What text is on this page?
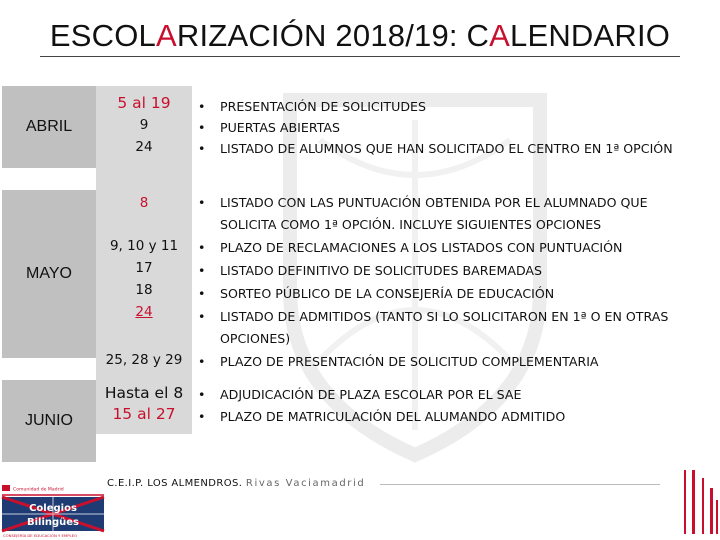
ESCOLARIZACIÓN 2018/19: CALENDARIO
ABRIL
MAYO
JUNIO
5 al 19
9
24
8
9, 10 y 11
17
18
24
25, 28 y 29
Hasta el 8
15 al 27
• PRESENTACIÓN DE SOLICITUDES
• PUERTAS ABIERTAS
• LISTADO DE ALUMNOS QUE HAN SOLICITADO EL CENTRO EN 1ª OPCIÓN
• LISTADO CON LAS PUNTUACIÓN OBTENIDA POR EL ALUMNADO QUE SOLICITA COMO 1ª OPCIÓN. INCLUYE SIGUIENTES OPCIONES
• PLAZO DE RECLAMACIONES A LOS LISTADOS CON PUNTUACIÓN
• LISTADO DEFINITIVO DE SOLICITUDES BAREMADAS
• SORTEO PÚBLICO DE LA CONSEJERÍA DE EDUCACIÓN
• LISTADO DE ADMITIDOS (TANTO SI LO SOLICITARON EN 1ª O EN OTRAS OPCIONES)
• PLAZO DE PRESENTACIÓN DE SOLICITUD COMPLEMENTARIA
• ADJUDICACIÓN DE PLAZA ESCOLAR POR EL SAE
• PLAZO DE MATRICULACIÓN DEL ALUMANDO ADMITIDO
Comunidad de Madrid
Colegios
Bilingües
CONSEJERÍA DE EDUCACIÓN Y EMPLEO
C.E.I.P. LOS ALMENDROS. Rivas Vaciamadrid
